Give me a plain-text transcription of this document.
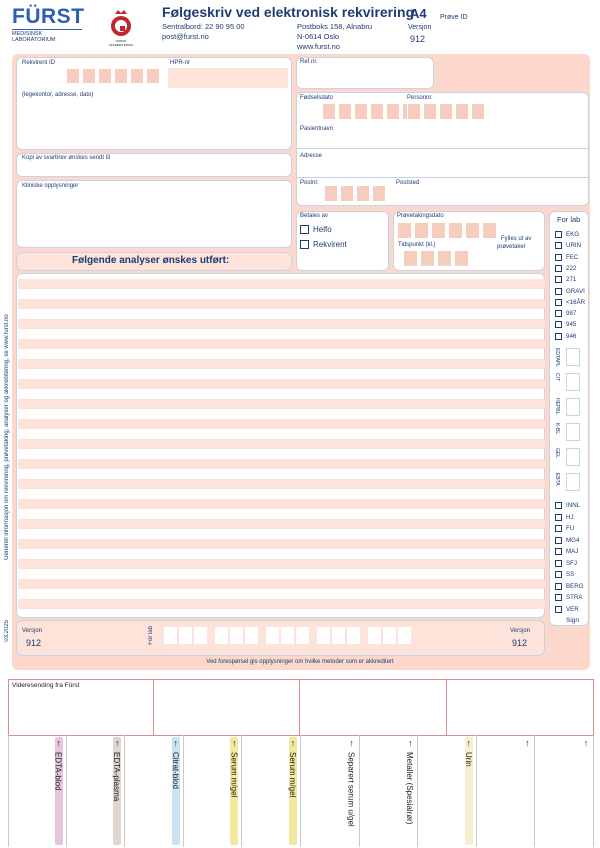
FÜRST
MEDISINSK
LABORATORIUM	NORSK AKKREDITERING
Følgeskriv ved elektronisk rekvirering
Sentralbord: 22 90 95 00
post@furst.no
Postboks 158, Alnabru
N-0614 Oslo
www.furst.no
A4
Versjon
912
Prøve ID
Rekvirent ID	HPR-nr
(legekontor, adresse, dato)
Ref.nr.
Fødselsdato	Personnr.
Pasientnavn
Adresse
Postnr.	Poststed
Kopi av svarbrev ønskes sendt til
Kliniske opplysninger
Betales av
Helfo
Rekvirent
Prøvetakingsdato
Tidspunkt (kl.)
Fylles ut av
prøvetaker
For lab
EKG
URIN
FEC
222
271
GRAVI
<16ÅR
987
945
946
EDTAPL
CIT
HEPBL
K-BL
GEL
EBTA
INNL
HJ
FU
MG4
MAJ
SFJ
SS
BERG
STRA
VER
Sign
Følgende analyser ønskes utført:
Generell informasjon om rekvirering, prøvetaking, analyser og akkreditering, se www.furst.no
03.2025 Versjon
912	For lab	Versjon
912
Ved forespørsel gis opplysninger om hvilke metoder som er akkreditert
Videresending fra Fürst
↑
EDTA-blod
↑
EDTA-plasma
↑
Citrat-blod
↑
Serum m/gel
↑
Serum m/gel
↑
Separert serum u/gel
↑
Metaller (Spesialrør)
↑
Urin
↑	↑
